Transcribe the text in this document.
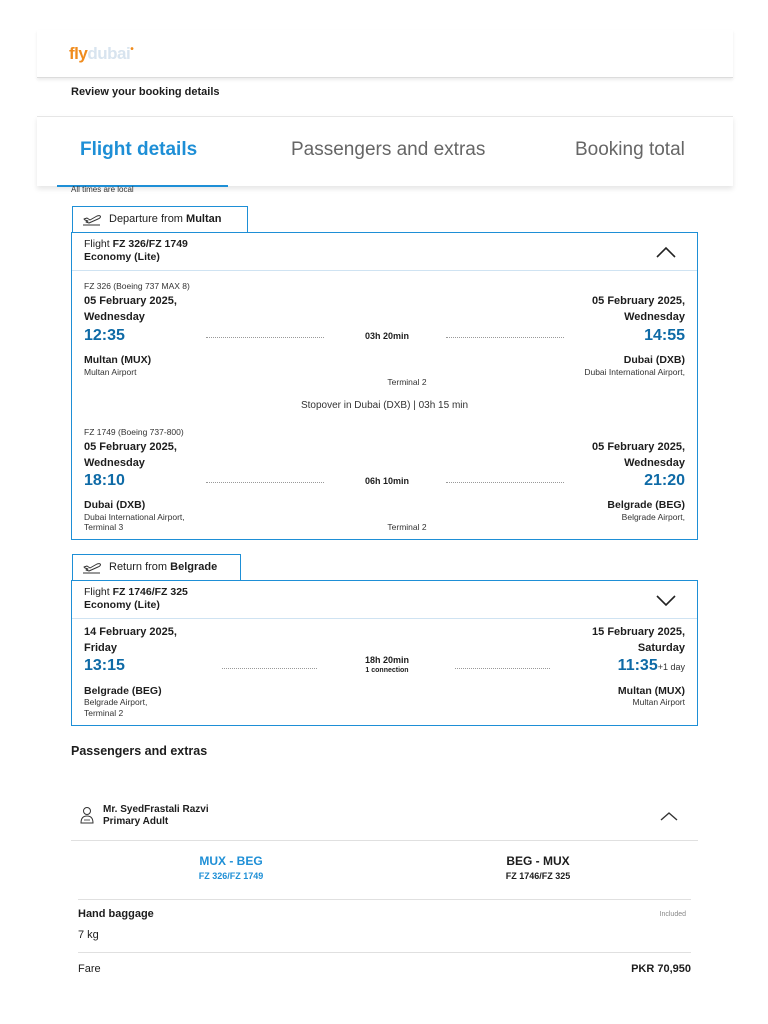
flydubai•
Review your booking details
Flight details	Passengers and extras	Booking total
All times are local
Departure from Multan
Flight FZ 326/FZ 1749
Economy (Lite)
FZ 326 (Boeing 737 MAX 8)
05 February 2025,
Wednesday
12:35	03h 20min
05 February 2025,
Wednesday
14:55
Multan (MUX)
Multan Airport
Dubai (DXB)
Dubai International Airport,
Terminal 2
Stopover in Dubai (DXB) | 03h 15 min
FZ 1749 (Boeing 737-800)
05 February 2025,
Wednesday
18:10	06h 10min
05 February 2025,
Wednesday
21:20
Dubai (DXB)
Dubai International Airport,
Terminal 3	Terminal 2
Belgrade (BEG)
Belgrade Airport,
Return from Belgrade
Flight FZ 1746/FZ 325
Economy (Lite)
14 February 2025,
Friday
13:15	18h 20min
1 connection
15 February 2025,
Saturday
11:35+1 day
Belgrade (BEG)
Belgrade Airport,
Terminal 2
Multan (MUX)
Multan Airport
Passengers and extras
Mr. SyedFrastali Razvi
Primary Adult
MUX - BEG
FZ 326/FZ 1749
BEG - MUX
FZ 1746/FZ 325
Hand baggage	Included
7 kg
Fare	PKR 70,950
